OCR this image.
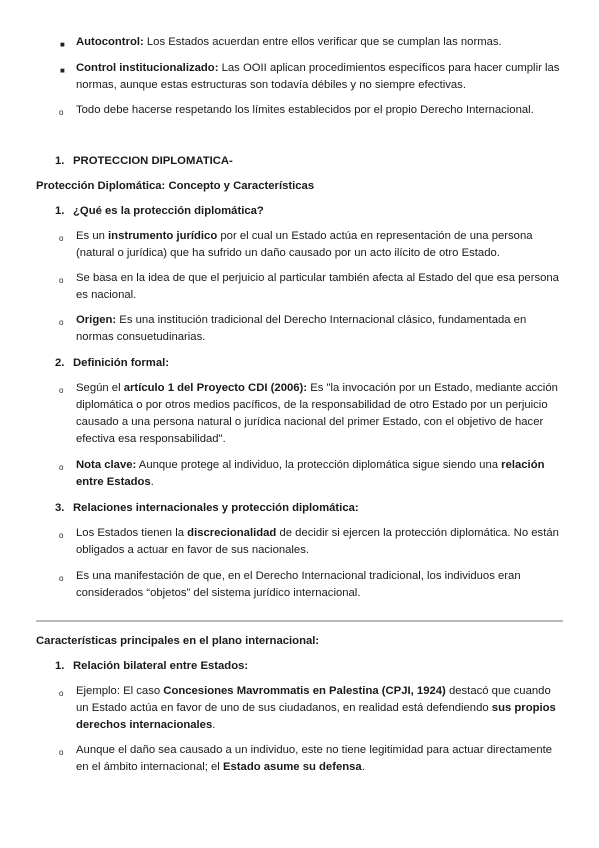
■ Autocontrol: Los Estados acuerdan entre ellos verificar que se cumplan las normas.
■ Control institucionalizado: Las OOII aplican procedimientos específicos para hacer cumplir las normas, aunque estas estructuras son todavía débiles y no siempre efectivas.
o Todo debe hacerse respetando los límites establecidos por el propio Derecho Internacional.
1. PROTECCION DIPLOMATICA-
Protección Diplomática: Concepto y Características
1. ¿Qué es la protección diplomática?
o Es un instrumento jurídico por el cual un Estado actúa en representación de una persona (natural o jurídica) que ha sufrido un daño causado por un acto ilícito de otro Estado.
o Se basa en la idea de que el perjuicio al particular también afecta al Estado del que esa persona es nacional.
o Origen: Es una institución tradicional del Derecho Internacional clásico, fundamentada en normas consuetudinarias.
2. Definición formal:
o Según el artículo 1 del Proyecto CDI (2006): Es "la invocación por un Estado, mediante acción diplomática o por otros medios pacíficos, de la responsabilidad de otro Estado por un perjuicio causado a una persona natural o jurídica nacional del primer Estado, con el objetivo de hacer efectiva esa responsabilidad".
o Nota clave: Aunque protege al individuo, la protección diplomática sigue siendo una relación entre Estados.
3. Relaciones internacionales y protección diplomática:
o Los Estados tienen la discrecionalidad de decidir si ejercen la protección diplomática. No están obligados a actuar en favor de sus nacionales.
o Es una manifestación de que, en el Derecho Internacional tradicional, los individuos eran considerados “objetos” del sistema jurídico internacional.
Características principales en el plano internacional:
1. Relación bilateral entre Estados:
o Ejemplo: El caso Concesiones Mavrommatis en Palestina (CPJI, 1924) destacó que cuando un Estado actúa en favor de uno de sus ciudadanos, en realidad está defendiendo sus propios derechos internacionales.
o Aunque el daño sea causado a un individuo, este no tiene legitimidad para actuar directamente en el ámbito internacional; el Estado asume su defensa.
